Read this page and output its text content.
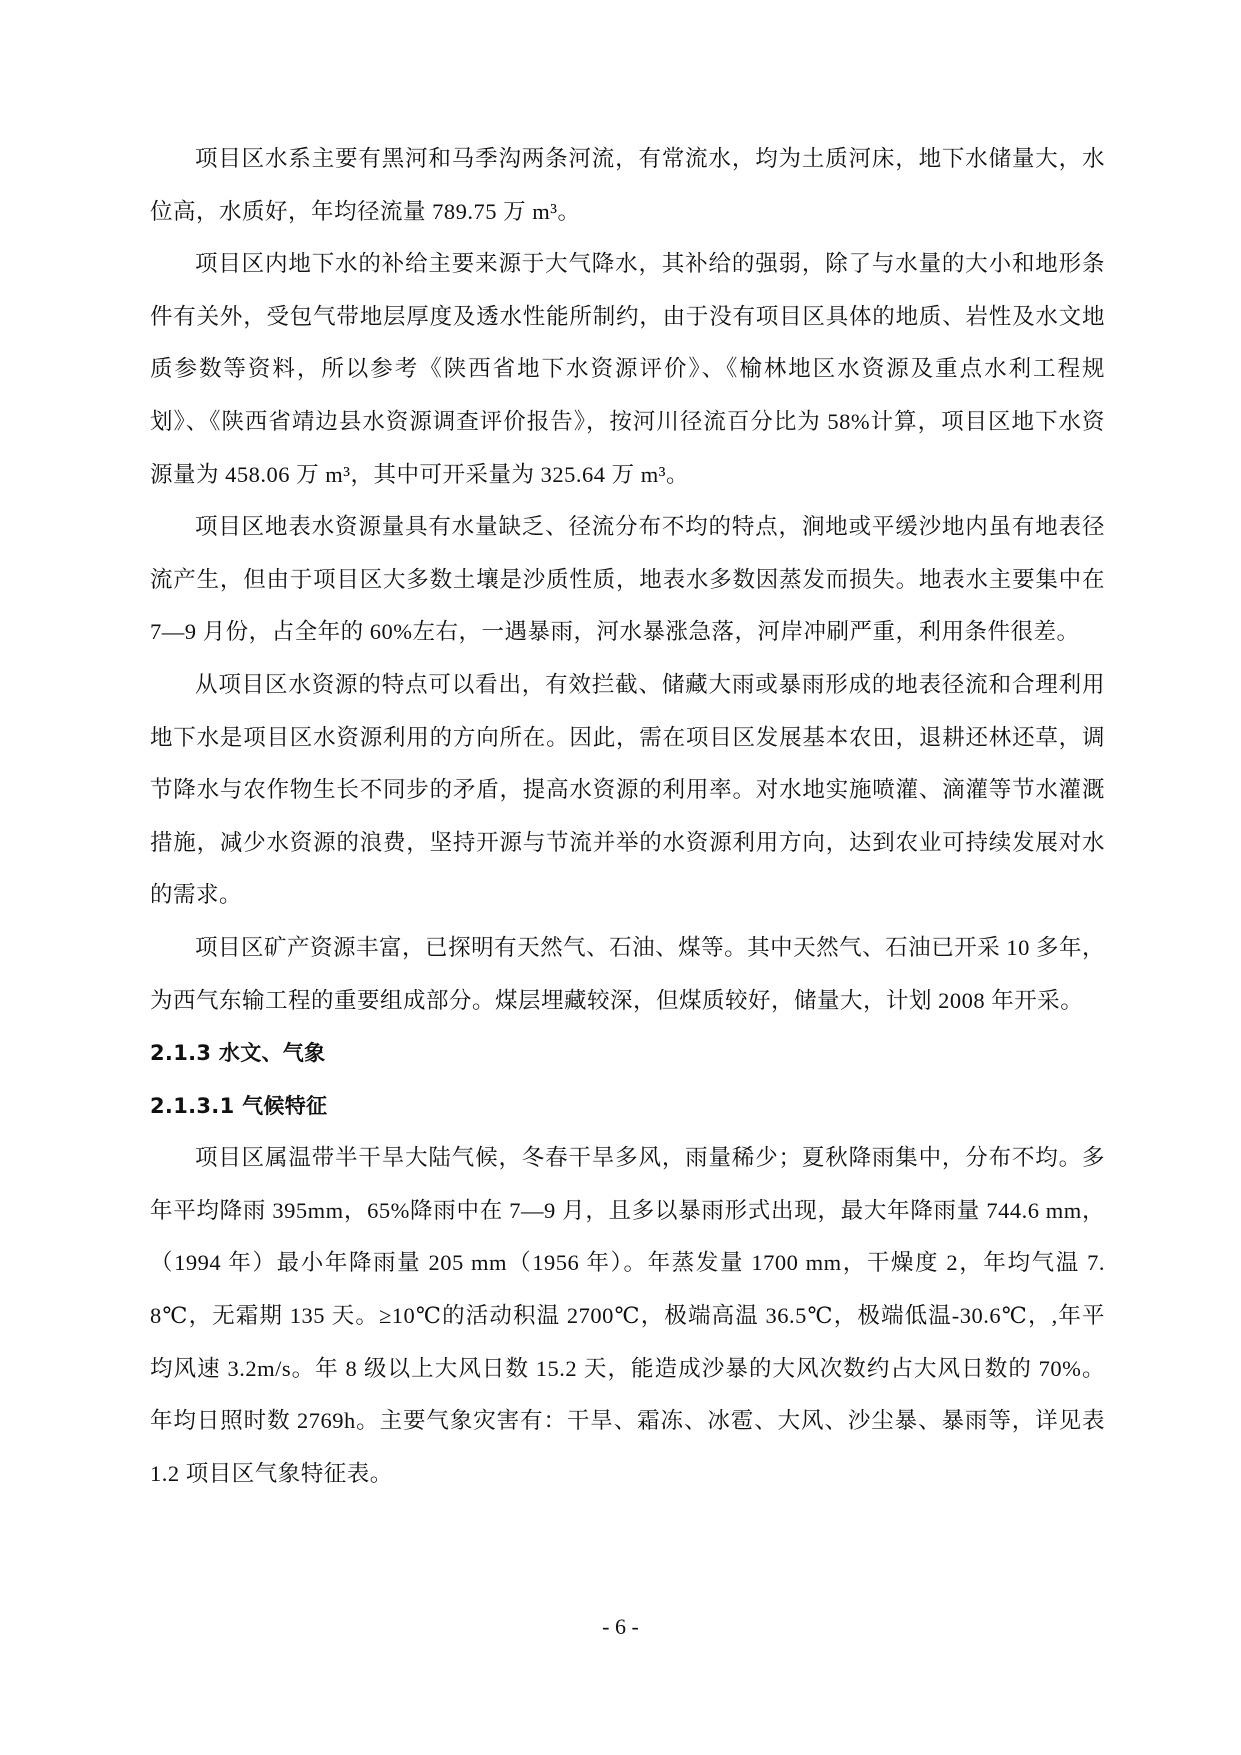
项目区水系主要有黑河和马季沟两条河流，有常流水，均为土质河床，地下水储量大，水位高，水质好，年均径流量 789.75 万 m³。

项目区内地下水的补给主要来源于大气降水，其补给的强弱，除了与水量的大小和地形条件有关外，受包气带地层厚度及透水性能所制约，由于没有项目区具体的地质、岩性及水文地质参数等资料，所以参考《陕西省地下水资源评价》、《榆林地区水资源及重点水利工程规划》、《陕西省靖边县水资源调查评价报告》，按河川径流百分比为 58%计算，项目区地下水资源量为 458.06 万 m³，其中可开采量为 325.64 万 m³。

项目区地表水资源量具有水量缺乏、径流分布不均的特点，涧地或平缓沙地内虽有地表径流产生，但由于项目区大多数土壤是沙质性质，地表水多数因蒸发而损失。地表水主要集中在 7—9 月份，占全年的 60%左右，一遇暴雨，河水暴涨急落，河岸冲刷严重，利用条件很差。

从项目区水资源的特点可以看出，有效拦截、储藏大雨或暴雨形成的地表径流和合理利用地下水是项目区水资源利用的方向所在。因此，需在项目区发展基本农田，退耕还林还草，调节降水与农作物生长不同步的矛盾，提高水资源的利用率。对水地实施喷灌、滴灌等节水灌溉措施，减少水资源的浪费，坚持开源与节流并举的水资源利用方向，达到农业可持续发展对水的需求。

项目区矿产资源丰富，已探明有天然气、石油、煤等。其中天然气、石油已开采 10 多年，为西气东输工程的重要组成部分。煤层埋藏较深，但煤质较好，储量大，计划 2008 年开采。

2.1.3 水文、气象
2.1.3.1 气候特征

项目区属温带半干旱大陆气候，冬春干旱多风，雨量稀少；夏秋降雨集中，分布不均。多年平均降雨 395mm，65%降雨中在 7—9 月，且多以暴雨形式出现，最大年降雨量 744.6 mm，（1994 年）最小年降雨量 205 mm（1956 年）。年蒸发量 1700 mm，干燥度 2，年均气温 7.8℃，无霜期 135 天。≥10℃的活动积温 2700℃，极端高温 36.5℃，极端低温-30.6℃，,年平均风速 3.2m/s。年 8 级以上大风日数 15.2 天，能造成沙暴的大风次数约占大风日数的 70%。年均日照时数 2769h。主要气象灾害有：干旱、霜冻、冰雹、大风、沙尘暴、暴雨等，详见表 1.2 项目区气象特征表。

- 6 -
